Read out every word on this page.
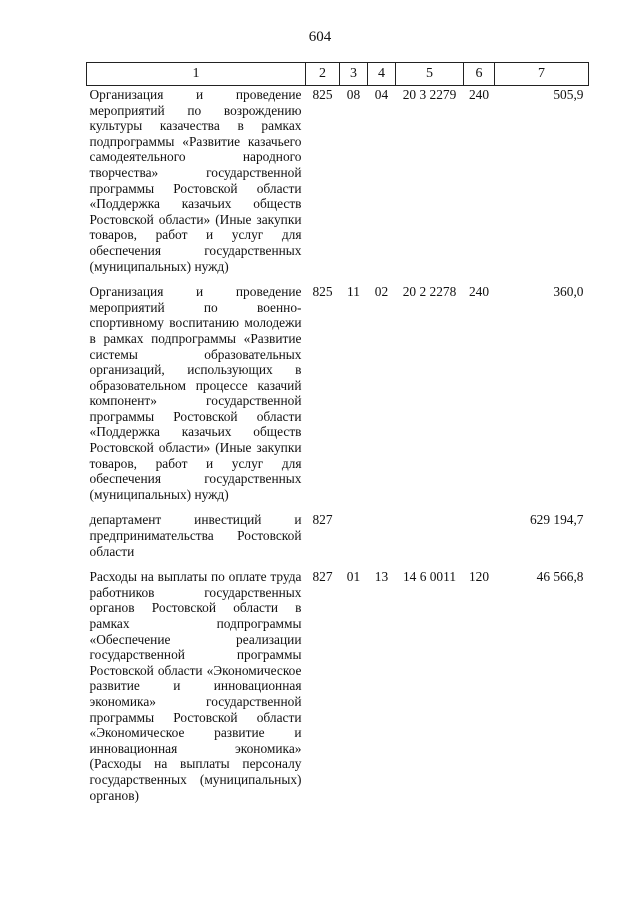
604
1	2	3	4	5	6	7
Организация и проведение мероприятий по возрождению культуры казачества в рамках подпрограммы «Развитие казачьего самодеятельного народного творчества» государственной программы Ростовской области «Поддержка казачьих обществ Ростовской области» (Иные закупки товаров, работ и услуг для обеспечения государственных (муниципальных) нужд)	825	08	04	20 3 2279	240	505,9
Организация и проведение мероприятий по военно-спортивному воспитанию молодежи в рамках подпрограммы «Развитие системы образовательных организаций, использующих в образовательном процессе казачий компонент» государственной программы Ростовской области «Поддержка казачьих обществ Ростовской области» (Иные закупки товаров, работ и услуг для обеспечения государственных (муниципальных) нужд)	825	11	02	20 2 2278	240	360,0
департамент инвестиций и предпринимательства Ростовской области	827					629 194,7
Расходы на выплаты по оплате труда работников государственных органов Ростовской области в рамках подпрограммы «Обеспечение реализации государственной программы Ростовской области «Экономическое развитие и инновационная экономика» государственной программы Ростовской области «Экономическое развитие и инновационная экономика» (Расходы на выплаты персоналу государственных (муниципальных) органов)	827	01	13	14 6 0011	120	46 566,8
